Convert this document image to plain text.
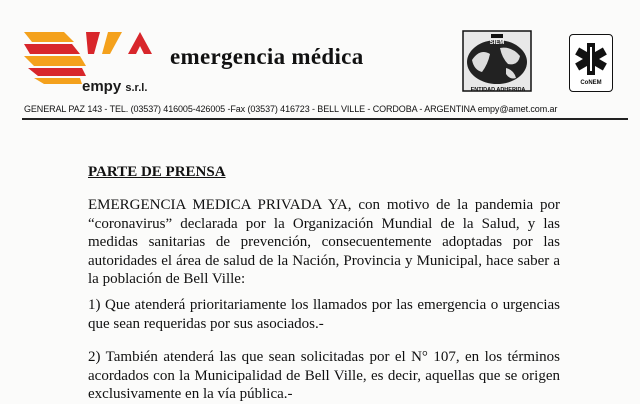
empy s.r.l.
emergencia médica
SIEM
ENTIDAD ADHERIDA
CoNEM
GENERAL PAZ 143 - TEL. (03537) 416005-426005 -Fax (03537) 416723 - BELL VILLE - CORDOBA - ARGENTINA empy@amet.com.ar
PARTE DE PRENSA
EMERGENCIA MEDICA PRIVADA YA, con motivo de la pandemia por “coronavirus” declarada por la Organización Mundial de la Salud, y las medidas sanitarias de prevención, consecuentemente adoptadas por las autoridades el área de salud de la Nación, Provincia y Municipal, hace saber a la población de Bell Ville:
1) Que atenderá prioritariamente los llamados por las emergencia o urgencias que sean requeridas por sus asociados.-
2) También atenderá las que sean solicitadas por el N° 107, en los términos acordados con la Municipalidad de Bell Ville, es decir, aquellas que se origen exclusivamente en la vía pública.-
